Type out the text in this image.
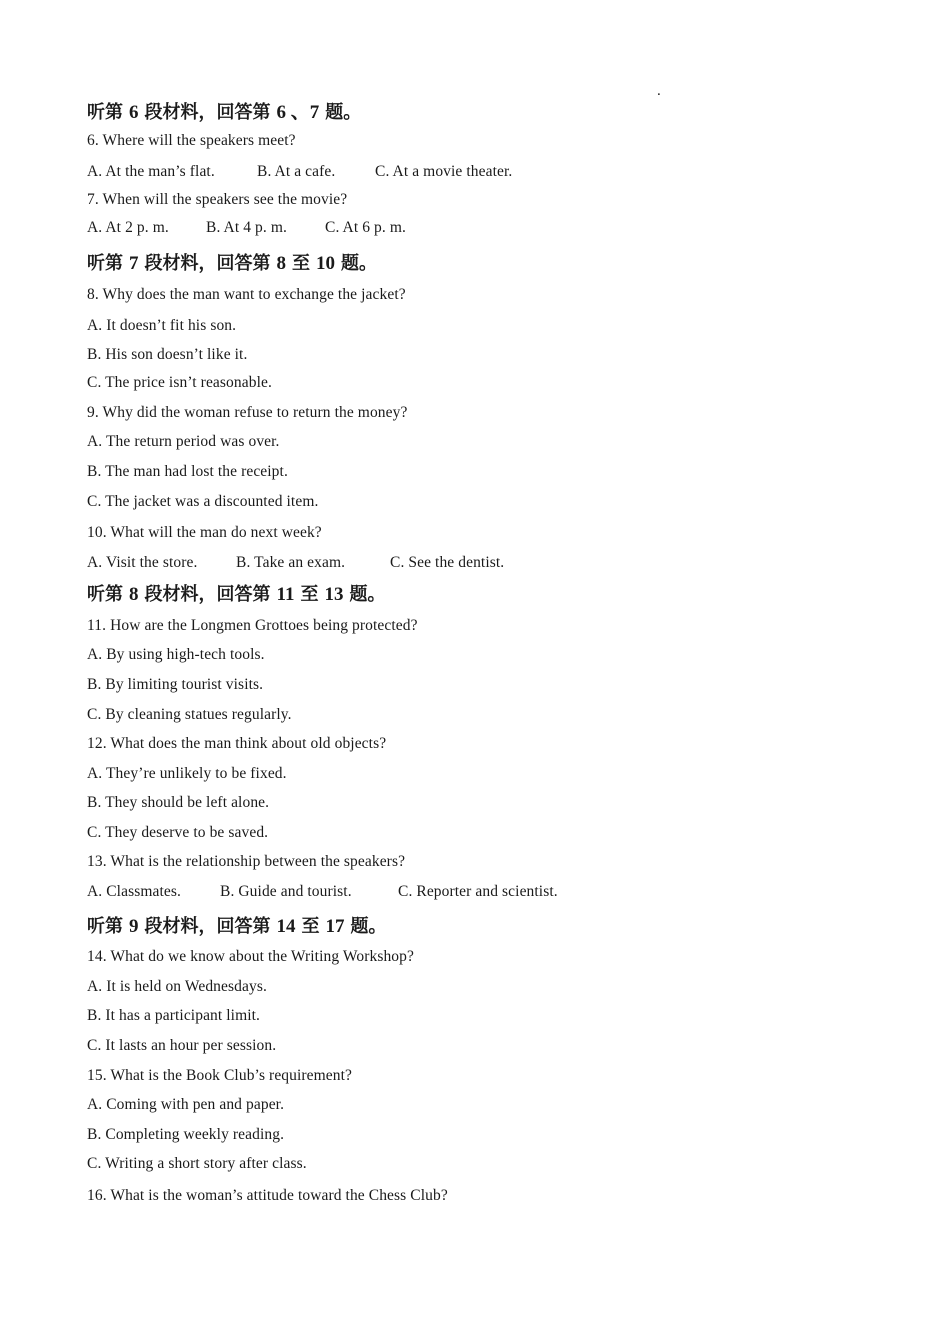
.
听第 6 段材料，回答第 6 、7 题。
6. Where will the speakers meet?
A. At the man’s flat.	B. At a cafe.	C. At a movie theater.
7. When will the speakers see the movie?
A. At 2 p. m. B. At 4 p. m. C. At 6 p. m.
听第 7 段材料，回答第 8 至 10 题。
8. Why does the man want to exchange the jacket?
A. It doesn’t fit his son.
B. His son doesn’t like it.
C. The price isn’t reasonable.
9. Why did the woman refuse to return the money?
A. The return period was over.
B. The man had lost the receipt.
C. The jacket was a discounted item.
10. What will the man do next week?
A. Visit the store. B. Take an exam.	C. See the dentist.
听第 8 段材料，回答第 11 至 13 题。
11. How are the Longmen Grottoes being protected?
A. By using high-tech tools.
B. By limiting tourist visits.
C. By cleaning statues regularly.
12. What does the man think about old objects?
A. They’re unlikely to be fixed.
B. They should be left alone.
C. They deserve to be saved.
13. What is the relationship between the speakers?
A. Classmates.	B. Guide and tourist.	C. Reporter and scientist.
听第 9 段材料，回答第 14 至 17 题。
14. What do we know about the Writing Workshop?
A. It is held on Wednesdays.
B. It has a participant limit.
C. It lasts an hour per session.
15. What is the Book Club’s requirement?
A. Coming with pen and paper.
B. Completing weekly reading.
C. Writing a short story after class.
16. What is the woman’s attitude toward the Chess Club?
